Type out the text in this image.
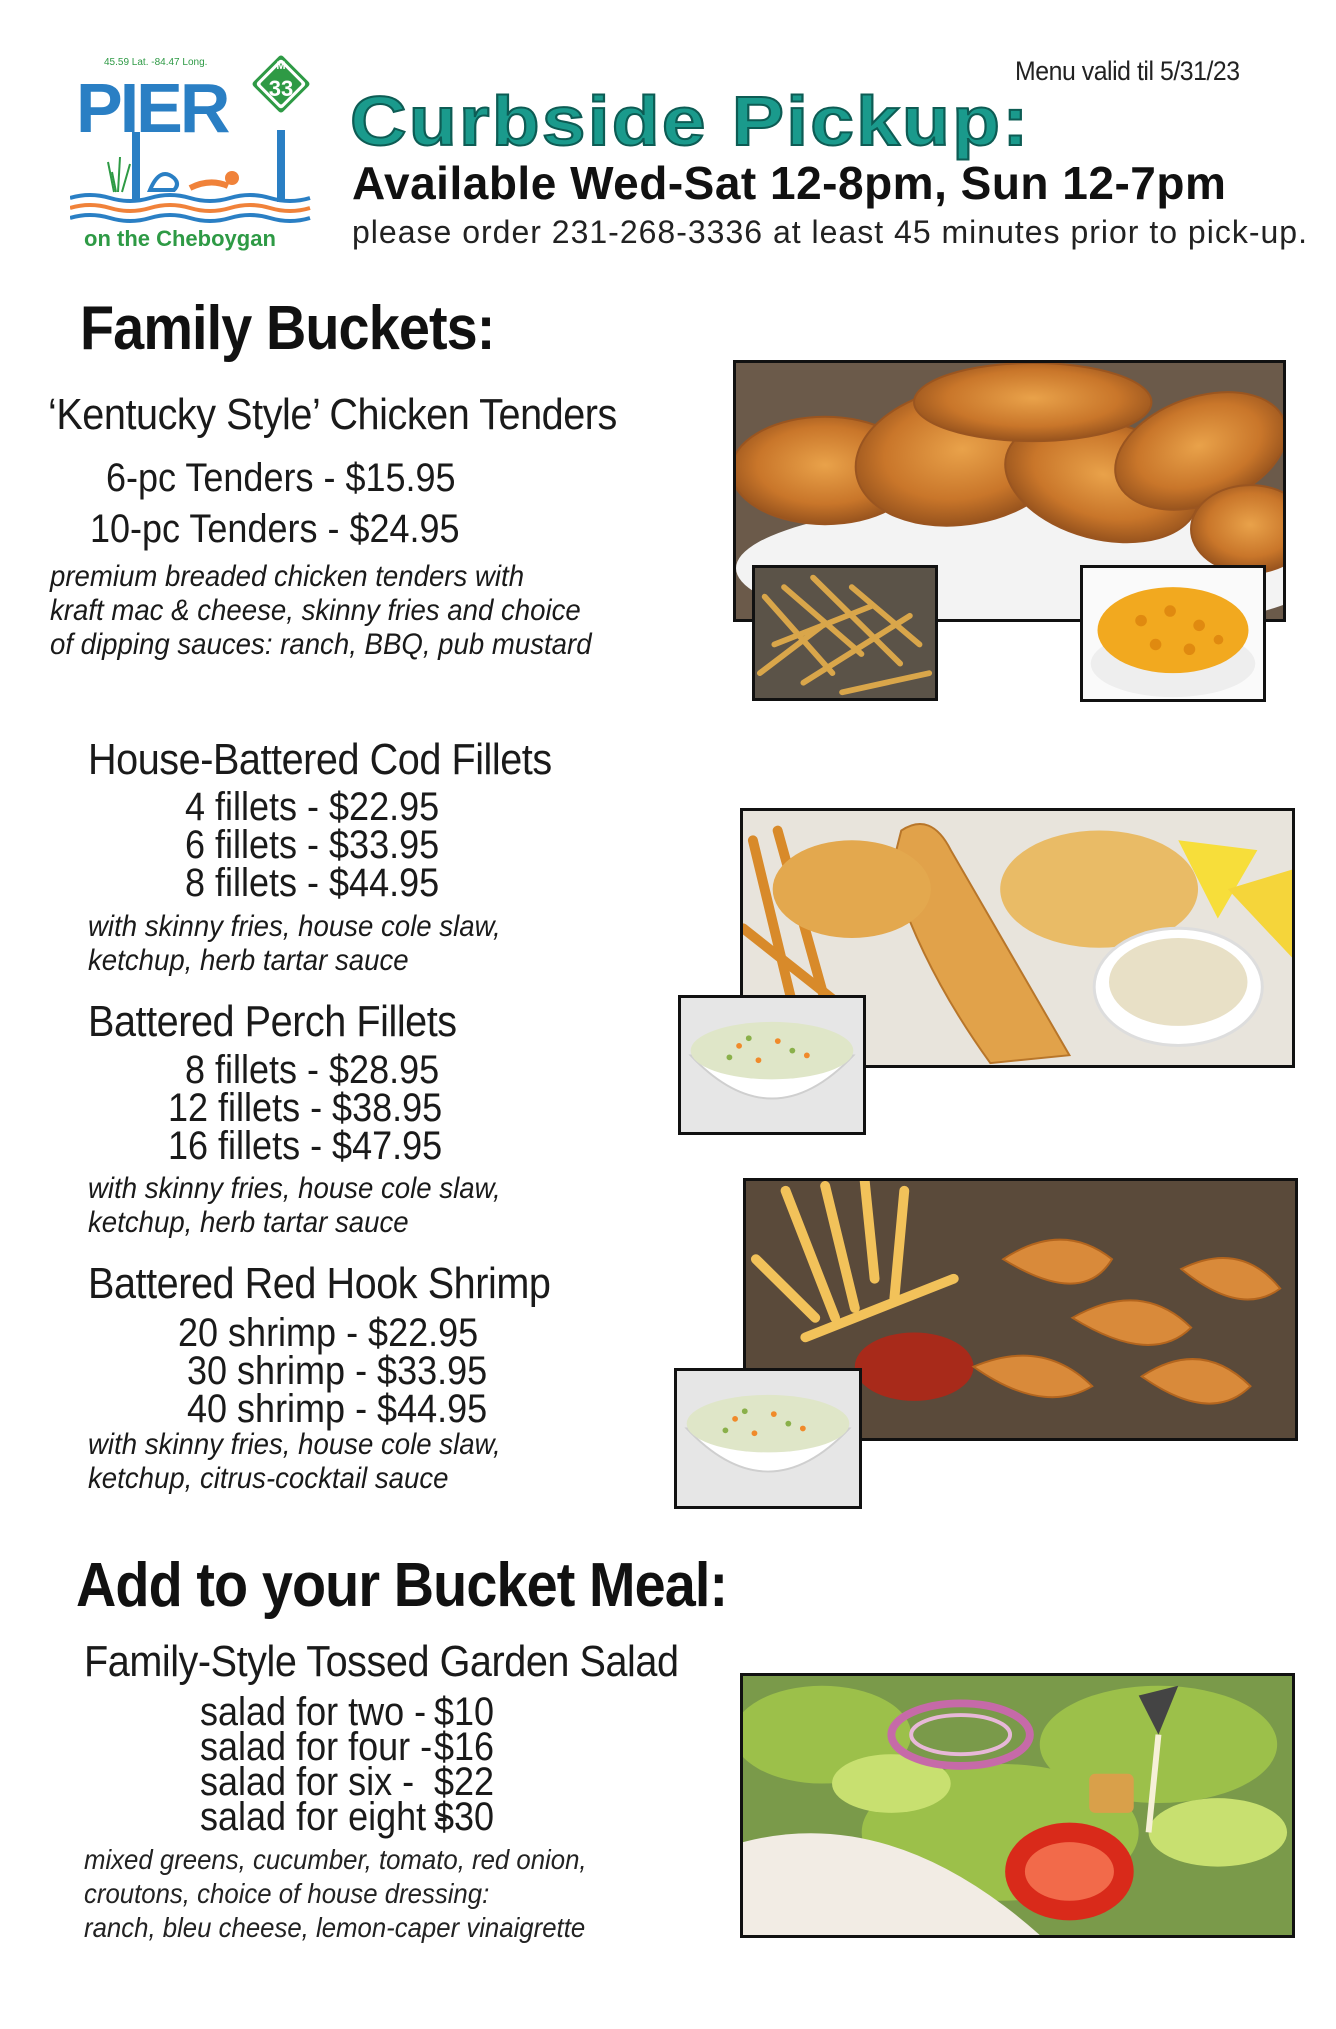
45.59 Lat. -84.47 Long.
PIER
M
33
on the Cheboygan
Menu valid til 5/31/23
Curbside Pickup:
Available Wed-Sat 12-8pm, Sun 12-7pm
please order 231-268-3336 at least 45 minutes prior to pick-up.
Family Buckets:
‘Kentucky Style’ Chicken Tenders
6-pc Tenders - $15.95
10-pc Tenders - $24.95
premium breaded chicken tenders with
kraft mac & cheese, skinny fries and choice
of dipping sauces: ranch, BBQ, pub mustard
House-Battered Cod Fillets
4 fillets - $22.95
6 fillets - $33.95
8 fillets - $44.95
with skinny fries, house cole slaw,
ketchup, herb tartar sauce
Battered Perch Fillets
8 fillets - $28.95
12 fillets - $38.95
16 fillets - $47.95
with skinny fries, house cole slaw,
ketchup, herb tartar sauce
Battered Red Hook Shrimp
20 shrimp - $22.95
30 shrimp - $33.95
40 shrimp - $44.95
with skinny fries, house cole slaw,
ketchup, citrus-cocktail sauce
Add to your Bucket Meal:
Family-Style Tossed Garden Salad
salad for two - $10
salad for four - $16
salad for six - $22
salad for eight -
$30
mixed greens, cucumber, tomato, red onion,
croutons, choice of house dressing:
ranch, bleu cheese, lemon-caper vinaigrette
